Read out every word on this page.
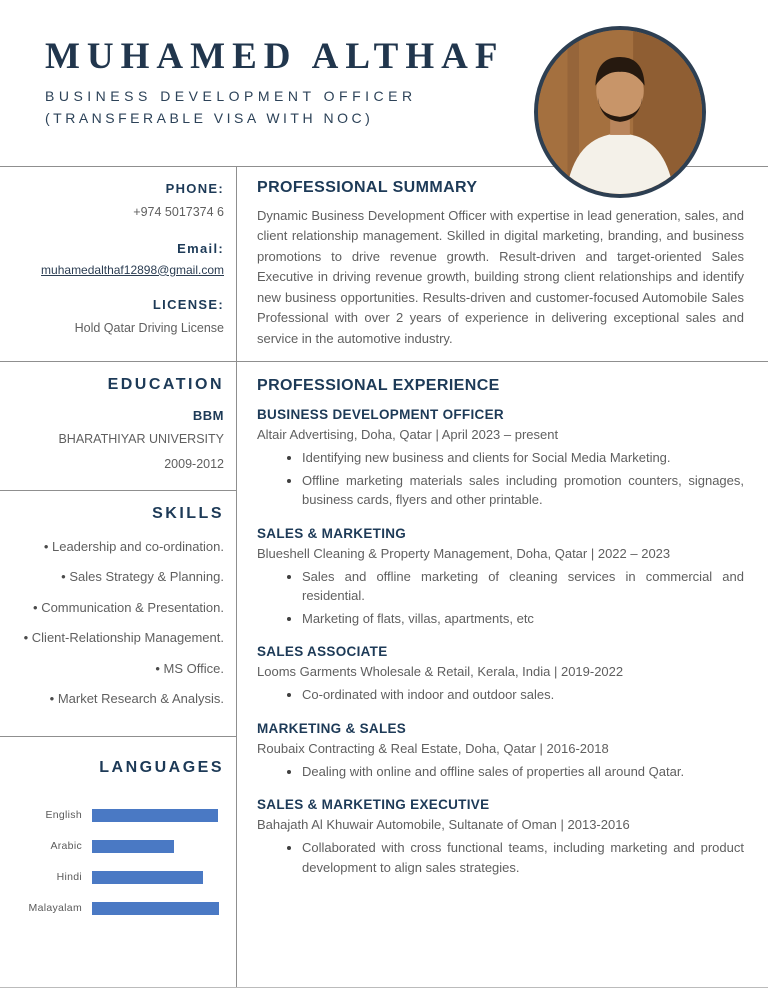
MUHAMED ALTHAF
BUSINESS DEVELOPMENT OFFICER
(TRANSFERABLE VISA WITH NOC)
PHONE:
+974 5017374 6
Email:
muhamedalthaf12898@gmail.com
LICENSE:
Hold Qatar Driving License
PROFESSIONAL SUMMARY

Dynamic Business Development Officer with expertise in lead generation, sales, and client relationship management. Skilled in digital marketing, branding, and business promotions to drive revenue growth. Result-driven and target-oriented Sales Executive in driving revenue growth, building strong client relationships and identify new business opportunities. Results-driven and customer-focused Automobile Sales Professional with over 2 years of experience in delivering exceptional sales and service in the automotive industry.

EDUCATION
BBM
BHARATHIYAR UNIVERSITY
2009-2012
SKILLS
• Leadership and co-ordination.
• Sales Strategy & Planning.
• Communication & Presentation.
• Client-Relationship Management.
• MS Office.
• Market Research & Analysis.
LANGUAGES
English
Arabic
Hindi
Malayalam
PROFESSIONAL EXPERIENCE
BUSINESS DEVELOPMENT OFFICER
Altair Advertising, Doha, Qatar | April 2023 – present
• Identifying new business and clients for Social Media Marketing.
• Offline marketing materials sales including promotion counters, signages, business cards, flyers and other printable.
SALES & MARKETING
Blueshell Cleaning & Property Management, Doha, Qatar | 2022 – 2023
• Sales and offline marketing of cleaning services in commercial and residential.
• Marketing of flats, villas, apartments, etc
SALES ASSOCIATE
Looms Garments Wholesale & Retail, Kerala, India | 2019-2022
• Co-ordinated with indoor and outdoor sales.
MARKETING & SALES
Roubaix Contracting & Real Estate, Doha, Qatar | 2016-2018
• Dealing with online and offline sales of properties all around Qatar.
SALES & MARKETING EXECUTIVE
Bahajath Al Khuwair Automobile, Sultanate of Oman | 2013-2016
• Collaborated with cross functional teams, including marketing and product development to align sales strategies.
